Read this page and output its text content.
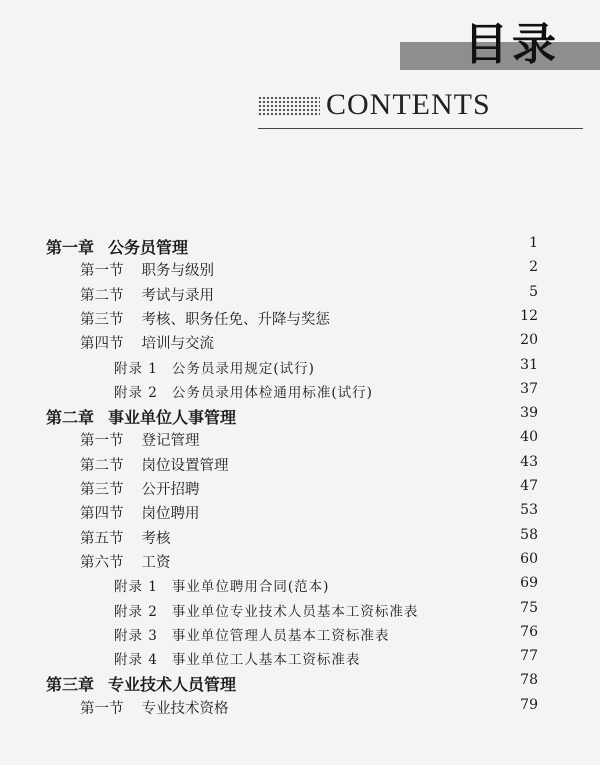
目录
CONTENTS
第一章 公务员管理	1
第一节 职务与级别	2
第二节 考试与录用	5
第三节 考核、职务任免、升降与奖惩	12
第四节 培训与交流	20
附录 1 公务员录用规定(试行)	31
附录 2 公务员录用体检通用标准(试行)	37
第二章 事业单位人事管理	39
第一节 登记管理	40
第二节 岗位设置管理	43
第三节 公开招聘	47
第四节 岗位聘用	53
第五节 考核	58
第六节 工资	60
附录 1 事业单位聘用合同(范本)	69
附录 2 事业单位专业技术人员基本工资标准表	75
附录 3 事业单位管理人员基本工资标准表	76
附录 4 事业单位工人基本工资标准表	77
第三章 专业技术人员管理	78
第一节 专业技术资格	79
